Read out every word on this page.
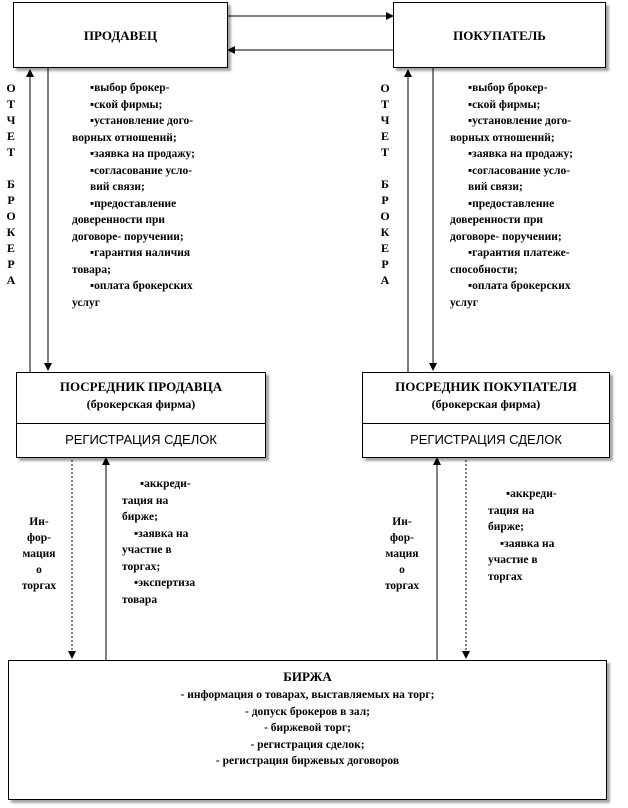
ПРОДАВЕЦ	ПОКУПАТЕЛЬ
О
Т
Ч
Е
Т
Б
Р
О
К
Е
Р
А
О
Т
Ч
Е
Т
Б
Р
О
К
Е
Р
А
▪выбор брокер-
▪ской фирмы;
▪установление дого-
вoрных отношений;
▪заявка на продажу;
▪согласование усло-
вий связи;
▪предоставление
доверенности при
договоре- поручении;
▪гарантия наличия
товара;
▪оплата брокерских
услуг
▪выбор брокер-
▪ской фирмы;
▪установление дого-
ворных отношений;
▪заявка на продажу;
▪согласование усло-
вий связи;
▪предоставление
доверенности при
договоре- поручении;
▪гарантия платеже-
способности;
▪оплата брокерских
услуг
ПОСРЕДНИК ПРОДАВЦА
(брокерская фирма)
РЕГИСТРАЦИЯ СДЕЛОК
ПОСРЕДНИК ПОКУПАТЕЛЯ
(брокерская фирма)
РЕГИСТРАЦИЯ СДЕЛОК
Ин-
фор-
мация
о
торгах
Ин-
фор-
мация
о
торгах
▪аккреди-
тация на
бирже;
▪заявка на
участие в
торгах;
▪экспертиза
товара
▪аккреди-
тация на
бирже;
▪заявка на
участие в
торгах
БИРЖА
- информация о товарах, выставляемых на торг;
- допуск брокеров в зал;
- биржевой торг;
- регистрация сделок;
- регистрация биржевых договоров
